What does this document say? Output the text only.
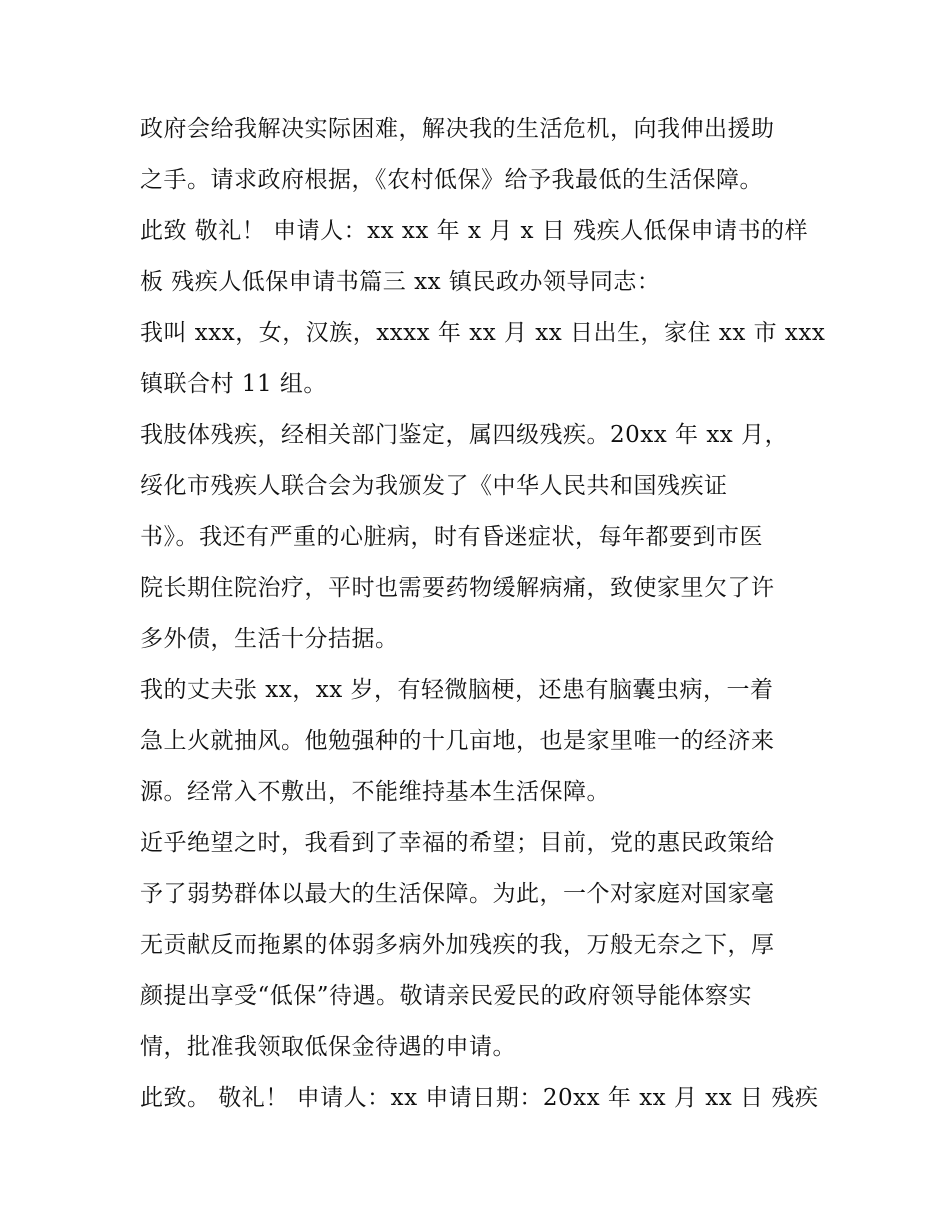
政府会给我解决实际困难，解决我的生活危机，向我伸出援助
之手。请求政府根据，《农村低保》给予我最低的生活保障。
此致 敬礼！ 申请人：xx xx 年 x 月 x 日 残疾人低保申请书的样
板 残疾人低保申请书篇三 xx 镇民政办领导同志：
我叫 xxx，女，汉族，xxxx 年 xx 月 xx 日出生，家住 xx 市 xxx
镇联合村 11 组。
我肢体残疾，经相关部门鉴定，属四级残疾。20xx 年 xx 月，
绥化市残疾人联合会为我颁发了《中华人民共和国残疾证
书》。我还有严重的心脏病，时有昏迷症状，每年都要到市医
院长期住院治疗，平时也需要药物缓解病痛，致使家里欠了许
多外债，生活十分拮据。
我的丈夫张 xx，xx 岁，有轻微脑梗，还患有脑囊虫病，一着
急上火就抽风。他勉强种的十几亩地，也是家里唯一的经济来
源。经常入不敷出，不能维持基本生活保障。
近乎绝望之时，我看到了幸福的希望；目前，党的惠民政策给
予了弱势群体以最大的生活保障。为此，一个对家庭对国家毫
无贡献反而拖累的体弱多病外加残疾的我，万般无奈之下，厚
颜提出享受“低保”待遇。敬请亲民爱民的政府领导能体察实
情，批准我领取低保金待遇的申请。
此致。 敬礼！ 申请人：xx 申请日期：20xx 年 xx 月 xx 日 残疾
